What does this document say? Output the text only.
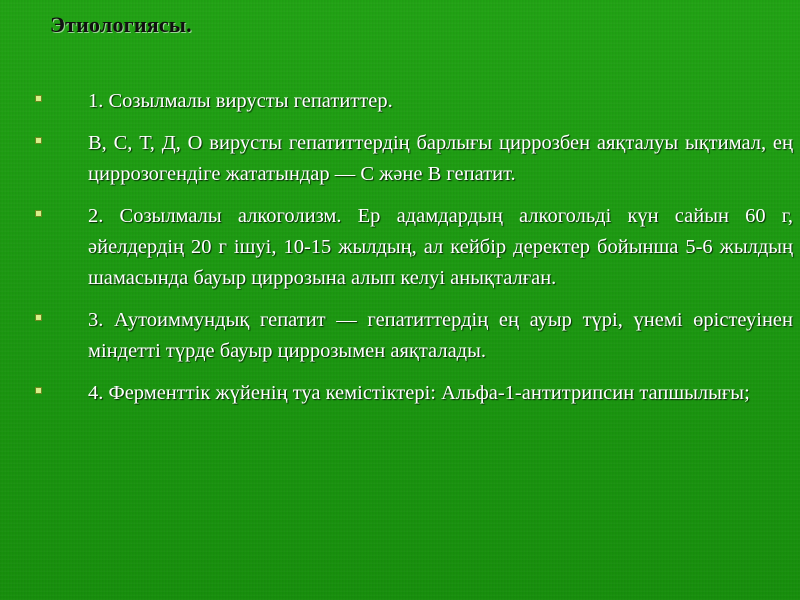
Этиологиясы.
1. Созылмалы вирусты гепатиттер.
В, С, Т, Д, О вирусты гепатиттердің барлығы циррозбен аяқталуы ықтимал, ең циррозогендіге жататындар — С және В гепатит.
2. Созылмалы алкоголизм. Ер адамдардың алкогольді күн сайын 60 г, әйелдердің 20 г ішуі, 10-15 жылдың, ал кейбір деректер бойынша 5-6 жылдың шамасында бауыр циррозына алып келуі анықталған.
3. Аутоиммундық гепатит — гепатиттердің ең ауыр түрі, үнемі өрістеуінен міндетті түрде бауыр циррозымен аяқталады.
4. Ферменттік жүйенің туа кемістіктері: Альфа-1-антитрипсин тапшылығы;
